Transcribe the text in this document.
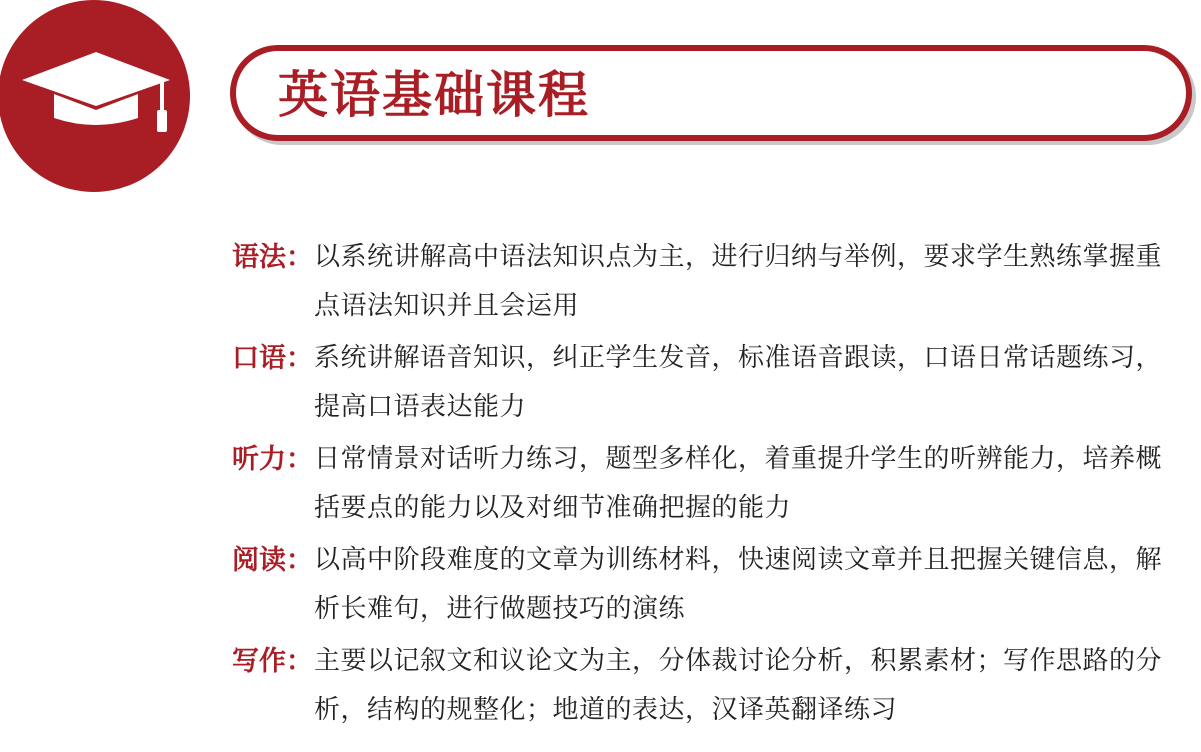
英语基础课程
语法： 以系统讲解高中语法知识点为主，进行归纳与举例，要求学生熟练掌握重点语法知识并且会运用
口语： 系统讲解语音知识，纠正学生发音，标准语音跟读，口语日常话题练习，提高口语表达能力
听力： 日常情景对话听力练习，题型多样化，着重提升学生的听辨能力，培养概括要点的能力以及对细节准确把握的能力
阅读： 以高中阶段难度的文章为训练材料，快速阅读文章并且把握关键信息，解析长难句，进行做题技巧的演练
写作： 主要以记叙文和议论文为主，分体裁讨论分析，积累素材；写作思路的分析，结构的规整化；地道的表达，汉译英翻译练习
